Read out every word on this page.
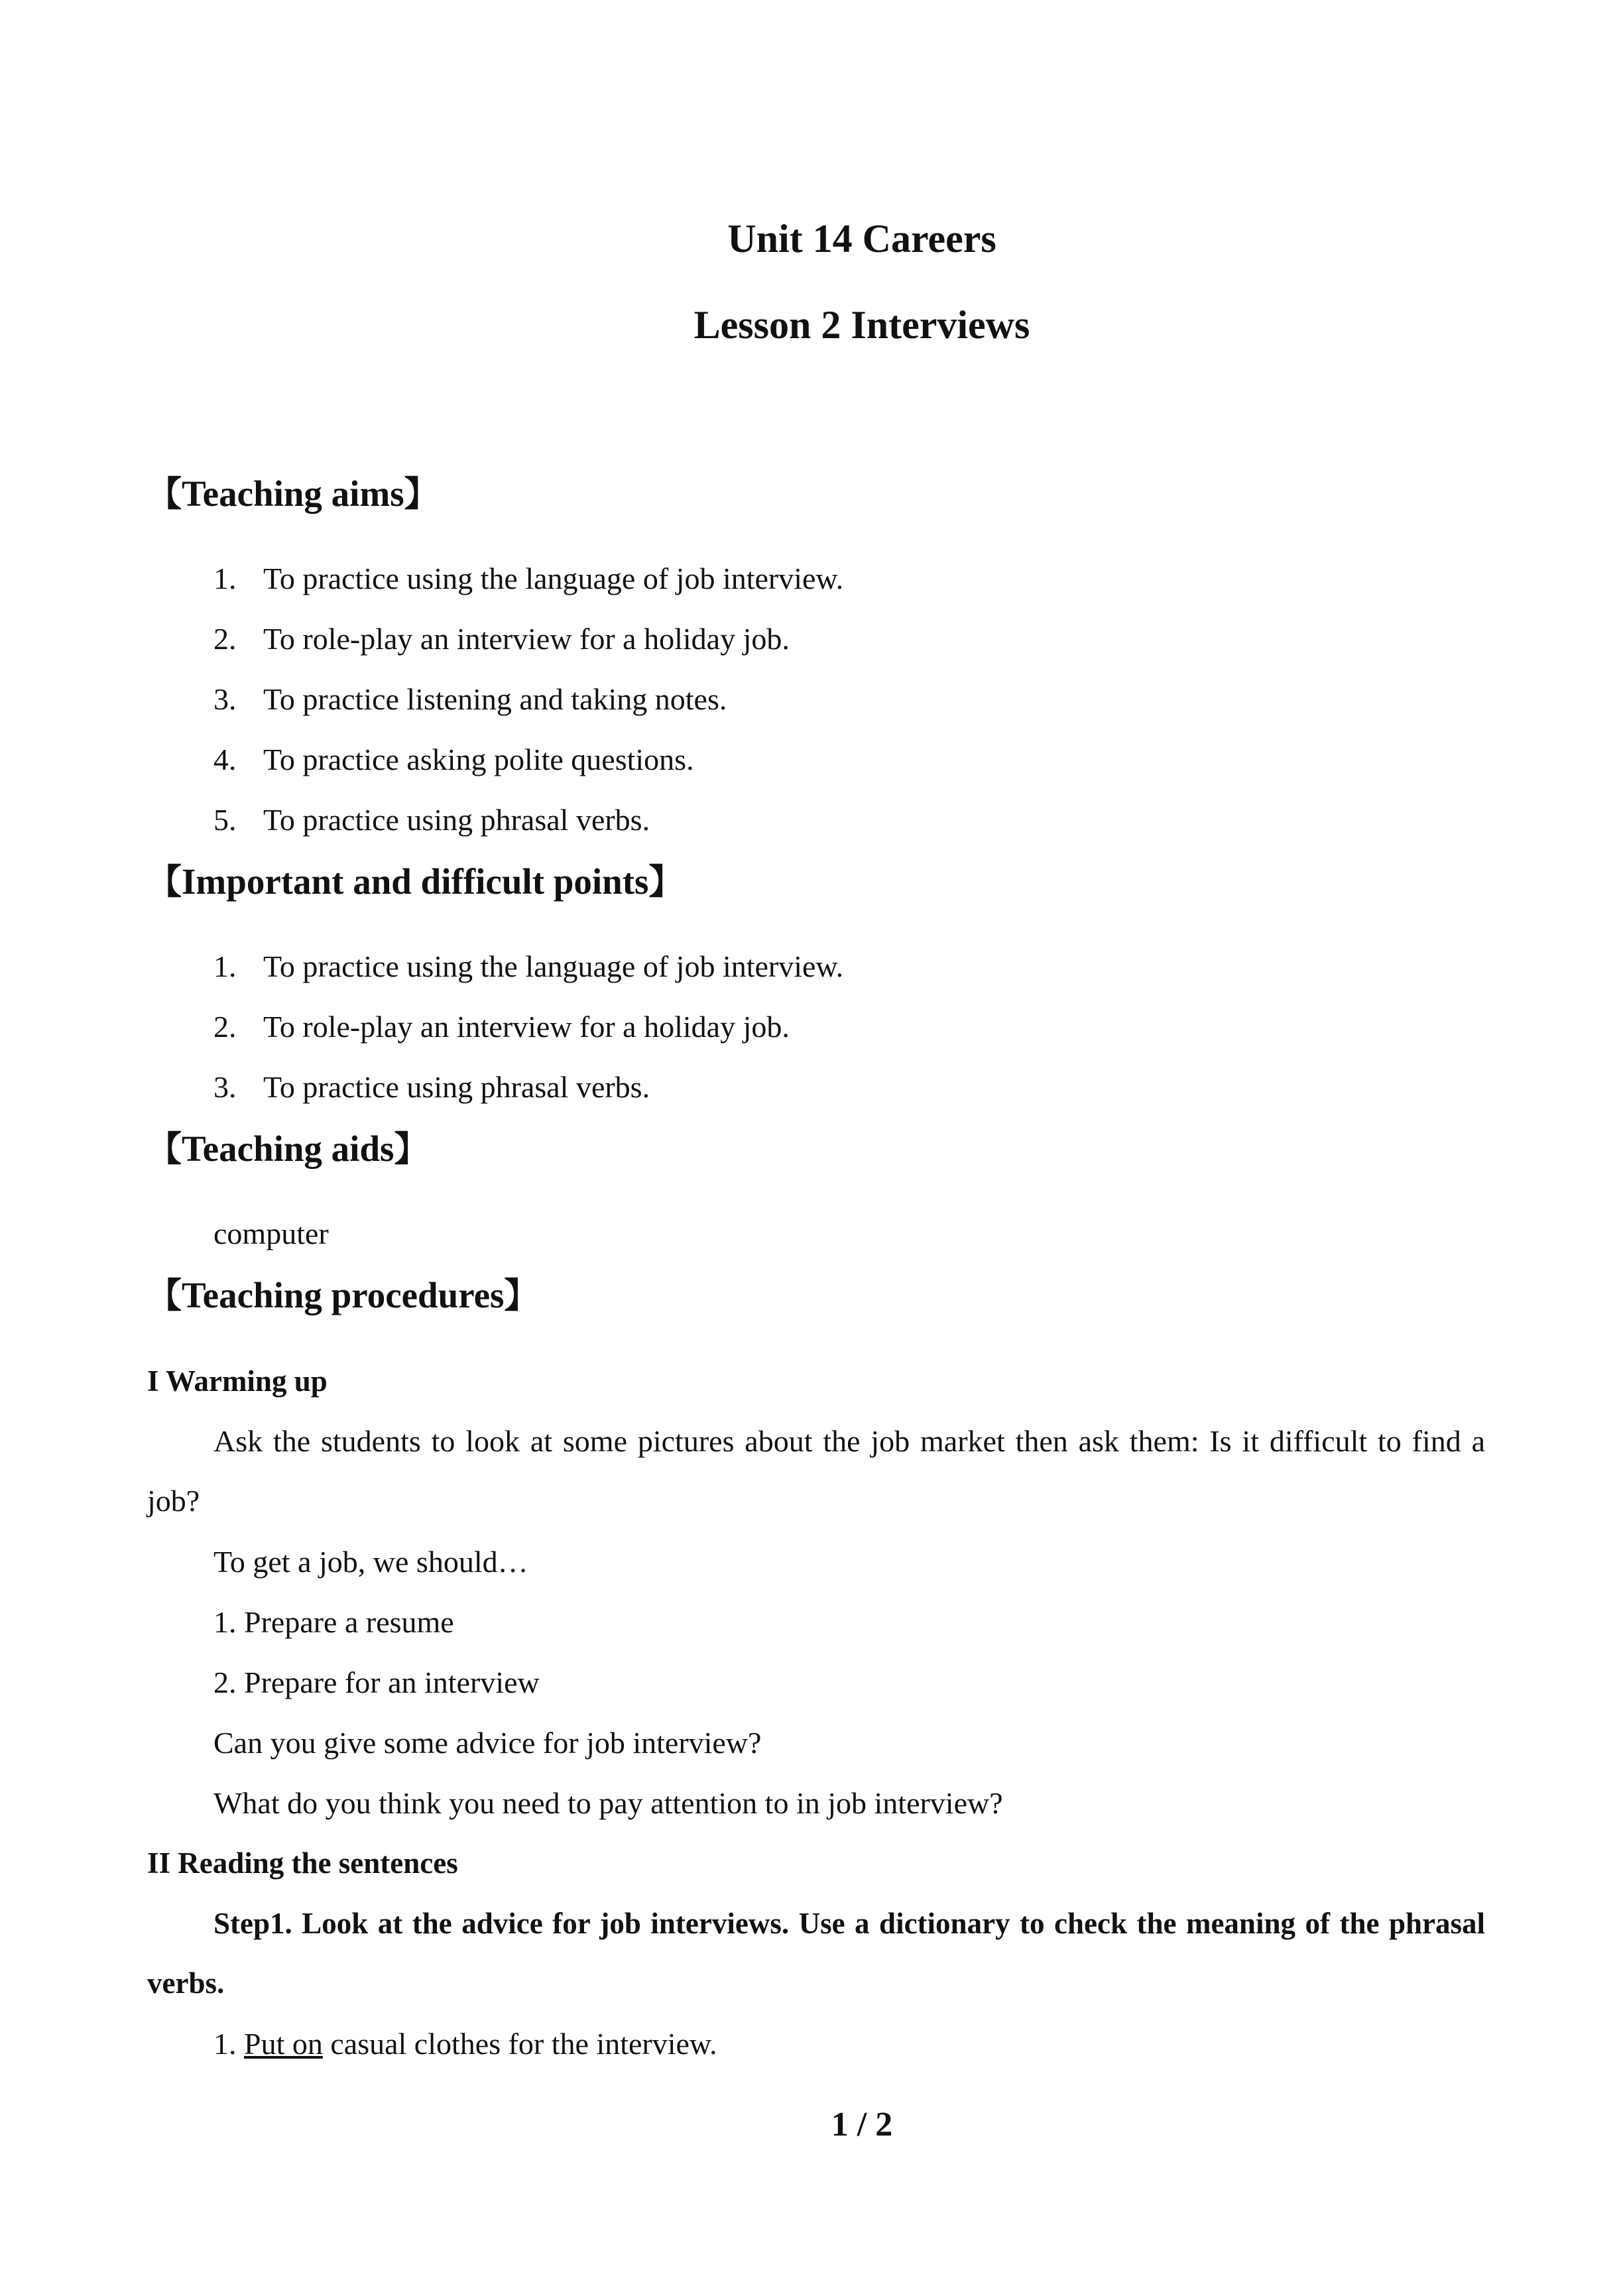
Unit 14 Careers
Lesson 2 Interviews
【Teaching aims】
1. To practice using the language of job interview.
2. To role-play an interview for a holiday job.
3. To practice listening and taking notes.
4. To practice asking polite questions.
5. To practice using phrasal verbs.
【Important and difficult points】
1. To practice using the language of job interview.
2. To role-play an interview for a holiday job.
3. To practice using phrasal verbs.
【Teaching aids】
computer
【Teaching procedures】
I Warming up
Ask the students to look at some pictures about the job market then ask them: Is it difficult to find a job?
To get a job, we should…
1. Prepare a resume
2. Prepare for an interview
Can you give some advice for job interview?
What do you think you need to pay attention to in job interview?
II Reading the sentences
Step1. Look at the advice for job interviews. Use a dictionary to check the meaning of the phrasal verbs.
1. Put on casual clothes for the interview.
1 / 2
